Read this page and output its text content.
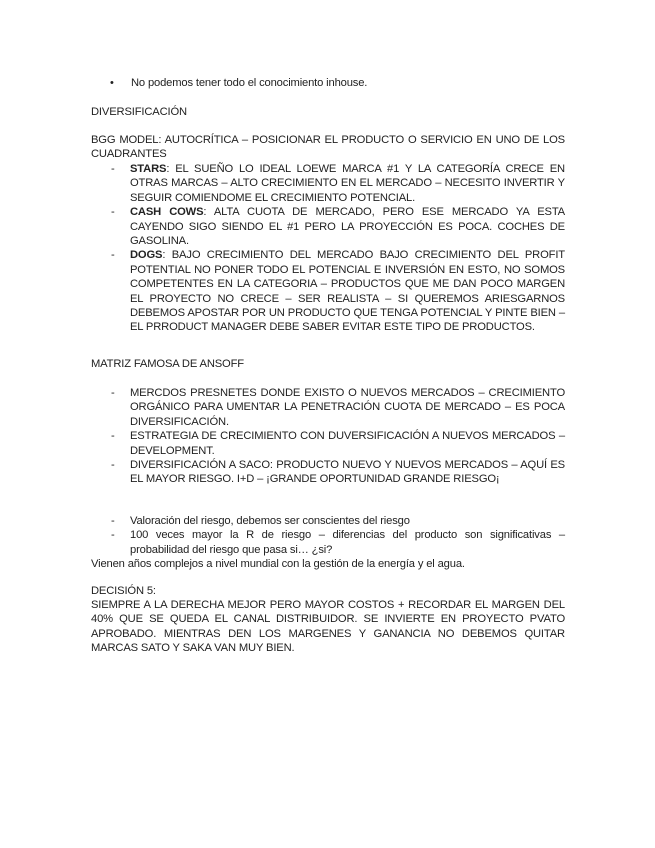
• No podemos tener todo el conocimiento inhouse.
DIVERSIFICACIÓN
BGG MODEL: AUTOCRÍTICA – POSICIONAR EL PRODUCTO O SERVICIO EN UNO DE LOS CUADRANTES
- STARS: EL SUEÑO LO IDEAL LOEWE MARCA #1 Y LA CATEGORÍA CRECE EN OTRAS MARCAS – ALTO CRECIMIENTO EN EL MERCADO – NECESITO INVERTIR Y SEGUIR COMIENDOME EL CRECIMIENTO POTENCIAL.
- CASH COWS: ALTA CUOTA DE MERCADO, PERO ESE MERCADO YA ESTA CAYENDO SIGO SIENDO EL #1 PERO LA PROYECCIÓN ES POCA. COCHES DE GASOLINA.
- DOGS: BAJO CRECIMIENTO DEL MERCADO BAJO CRECIMIENTO DEL PROFIT POTENTIAL NO PONER TODO EL POTENCIAL E INVERSIÓN EN ESTO, NO SOMOS COMPETENTES EN LA CATEGORIA – PRODUCTOS QUE ME DAN POCO MARGEN EL PROYECTO NO CRECE – SER REALISTA – SI QUEREMOS ARIESGARNOS DEBEMOS APOSTAR POR UN PRODUCTO QUE TENGA POTENCIAL Y PINTE BIEN – EL PRRODUCT MANAGER DEBE SABER EVITAR ESTE TIPO DE PRODUCTOS.
MATRIZ FAMOSA DE ANSOFF
- MERCDOS PRESNETES DONDE EXISTO O NUEVOS MERCADOS – CRECIMIENTO ORGÁNICO PARA UMENTAR LA PENETRACIÓN CUOTA DE MERCADO – ES POCA DIVERSIFICACIÓN.
- ESTRATEGIA DE CRECIMIENTO CON DUVERSIFICACIÓN A NUEVOS MERCADOS – DEVELOPMENT.
- DIVERSIFICACIÓN A SACO: PRODUCTO NUEVO Y NUEVOS MERCADOS – AQUÍ ES EL MAYOR RIESGO. I+D – ¡GRANDE OPORTUNIDAD GRANDE RIESGO¡
- Valoración del riesgo, debemos ser conscientes del riesgo
- 100 veces mayor la R de riesgo – diferencias del producto son significativas – probabilidad del riesgo que pasa si… ¿si?
Vienen años complejos a nivel mundial con la gestión de la energía y el agua.
DECISIÓN 5:
SIEMPRE A LA DERECHA MEJOR PERO MAYOR COSTOS + RECORDAR EL MARGEN DEL 40% QUE SE QUEDA EL CANAL DISTRIBUIDOR. SE INVIERTE EN PROYECTO PVATO APROBADO. MIENTRAS DEN LOS MARGENES Y GANANCIA NO DEBEMOS QUITAR MARCAS SATO Y SAKA VAN MUY BIEN.
